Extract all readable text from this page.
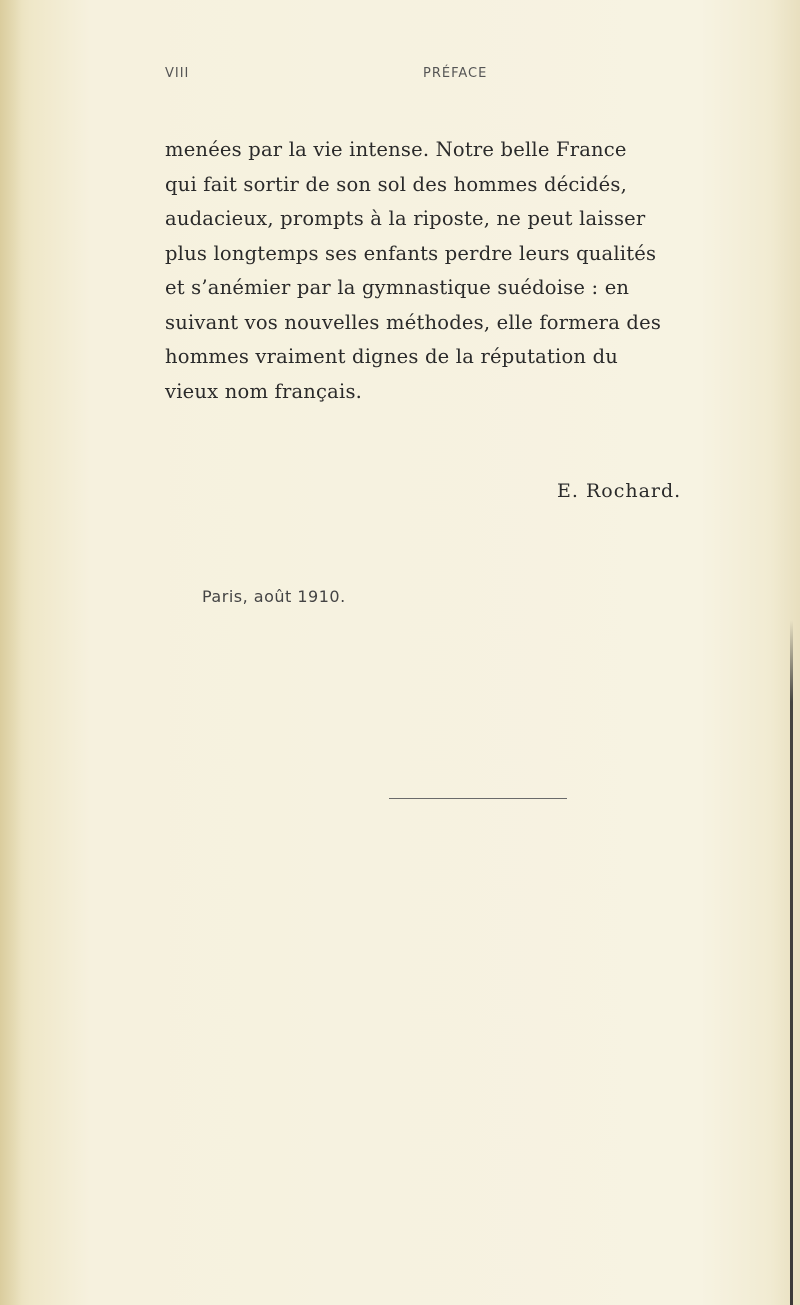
VIII	PRÉFACE
menées par la vie intense. Notre belle France
qui fait sortir de son sol des hommes décidés,
audacieux, prompts à la riposte, ne peut laisser
plus longtemps ses enfants perdre leurs qualités
et s’anémier par la gymnastique suédoise : en
suivant vos nouvelles méthodes, elle formera des
hommes vraiment dignes de la réputation du
vieux nom français.
E. Rochard.
Paris, août 1910.
